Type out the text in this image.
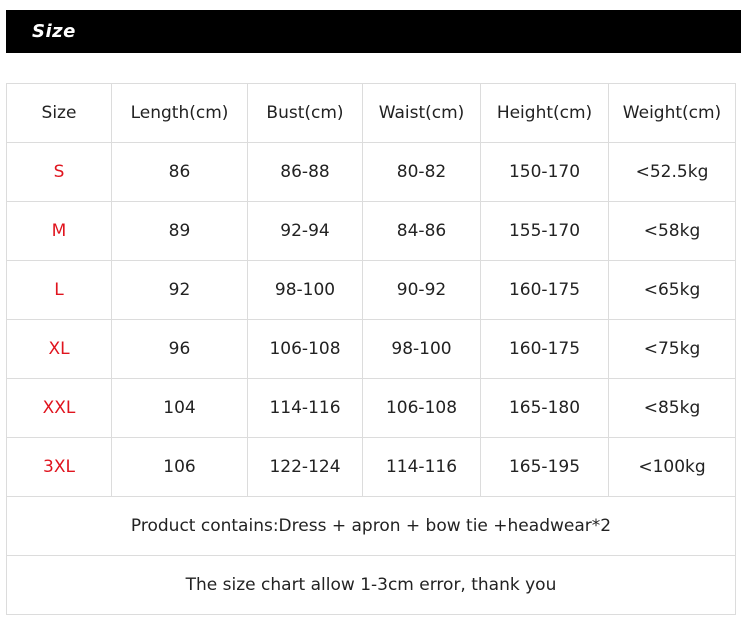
Size
Size	Length(cm)	Bust(cm)	Waist(cm)	Height(cm)	Weight(cm)
S	86	86-88	80-82	150-170	<52.5kg
M	89	92-94	84-86	155-170	<58kg
L	92	98-100	90-92	160-175	<65kg
XL	96	106-108	98-100	160-175	<75kg
XXL	104	114-116	106-108	165-180	<85kg
3XL	106	122-124	114-116	165-195	<100kg
Product contains:Dress + apron + bow tie +headwear*2					
The size chart allow 1-3cm error, thank you					
